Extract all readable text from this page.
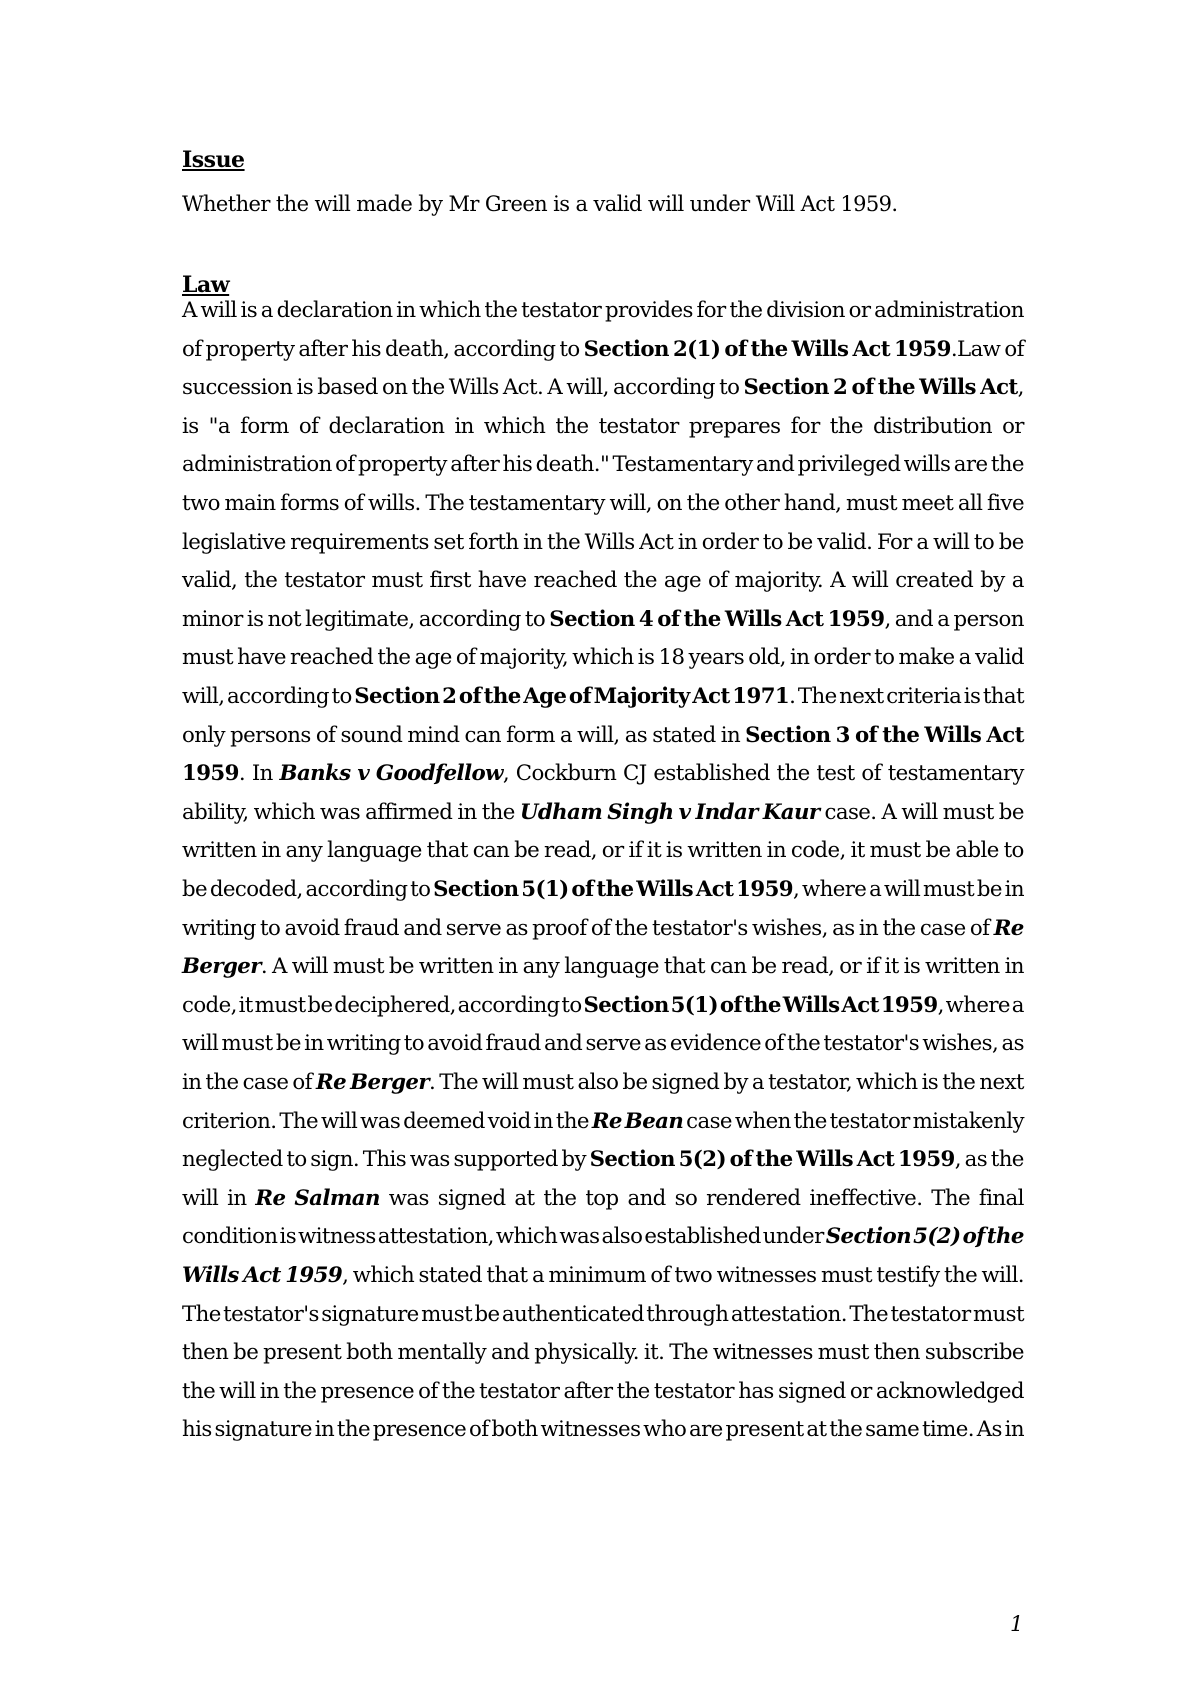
Issue
Whether the will made by Mr Green is a valid will under Will Act 1959.
Law
A will is a declaration in which the testator provides for the division or administration
of property after his death, according to Section 2(1) of the Wills Act 1959.Law of
succession is based on the Wills Act. A will, according to Section 2 of the Wills Act,
is "a form of declaration in which the testator prepares for the distribution or
administration of property after his death." Testamentary and privileged wills are the
two main forms of wills. The testamentary will, on the other hand, must meet all five
legislative requirements set forth in the Wills Act in order to be valid. For a will to be
valid, the testator must first have reached the age of majority. A will created by a
minor is not legitimate, according to Section 4 of the Wills Act 1959, and a person
must have reached the age of majority, which is 18 years old, in order to make a valid
will, according to Section 2 of the Age of Majority Act 1971. The next criteria is that
only persons of sound mind can form a will, as stated in Section 3 of the Wills Act
1959. In Banks v Goodfellow, Cockburn CJ established the test of testamentary
ability, which was affirmed in the Udham Singh v Indar Kaur case. A will must be
written in any language that can be read, or if it is written in code, it must be able to
be decoded, according to Section 5(1) of the Wills Act 1959, where a will must be in
writing to avoid fraud and serve as proof of the testator's wishes, as in the case of Re
Berger. A will must be written in any language that can be read, or if it is written in
code, it must be deciphered, according to Section 5(1) of the Wills Act 1959, where a
will must be in writing to avoid fraud and serve as evidence of the testator's wishes, as
in the case of Re Berger. The will must also be signed by a testator, which is the next
criterion. The will was deemed void in the Re Bean case when the testator mistakenly
neglected to sign. This was supported by Section 5(2) of the Wills Act 1959, as the
will in Re Salman was signed at the top and so rendered ineffective. The final
condition is witness attestation, which was also established under Section 5(2) of the
Wills Act 1959, which stated that a minimum of two witnesses must testify the will.
The testator's signature must be authenticated through attestation. The testator must
then be present both mentally and physically. it. The witnesses must then subscribe
the will in the presence of the testator after the testator has signed or acknowledged
his signature in the presence of both witnesses who are present at the same time. As in
1
